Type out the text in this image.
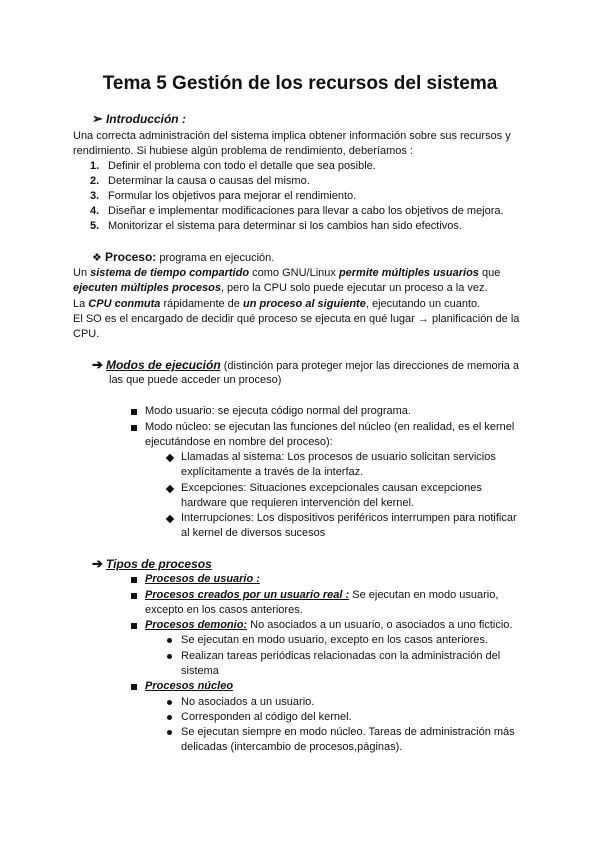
Tema 5 Gestión de los recursos del sistema
➢ Introducción :
Una correcta administración del sistema implica obtener información sobre sus recursos y
rendimiento. Si hubiese algún problema de rendimiento, deberíamos :
1. Definir el problema con todo el detalle que sea posible.
2. Determinar la causa o causas del mismo.
3. Formular los objetivos para mejorar el rendimiento.
4. Diseñar e implementar modificaciones para llevar a cabo los objetivos de mejora.
5. Monitorizar el sistema para determinar si los cambios han sido efectivos.
❖ Proceso: programa en ejecución.
Un sistema de tiempo compartido como GNU/Linux permite múltiples usuarios que
ejecuten múltiples procesos, pero la CPU solo puede ejecutar un proceso a la vez.
La CPU conmuta rápidamente de un proceso al siguiente, ejecutando un cuanto.
El SO es el encargado de decidir qué proceso se ejecuta en qué lugar → planificación de la
CPU.
➔ Modos de ejecución (distinción para proteger mejor las direcciones de memoria a
las que puede acceder un proceso)
Modo usuario: se ejecuta código normal del programa.
Modo núcleo: se ejecutan las funciones del núcleo (en realidad, es el kernel
ejecutándose en nombre del proceso):
Llamadas al sistema: Los procesos de usuario solicitan servicios
explícitamente a través de la interfaz.
Excepciones: Situaciones excepcionales causan excepciones
hardware que requieren intervención del kernel.
Interrupciones: Los dispositivos periféricos interrumpen para notificar
al kernel de diversos sucesos
➔ Tipos de procesos
Procesos de usuario :
Procesos creados por un usuario real : Se ejecutan en modo usuario,
excepto en los casos anteriores.
Procesos demonio: No asociados a un usuario, o asociados a uno ficticio.
Se ejecutan en modo usuario, excepto en los casos anteriores.
Realizan tareas periódicas relacionadas con la administración del
sistema
Procesos núcleo
No asociados a un usuario.
Corresponden al código del kernel.
Se ejecutan siempre en modo núcleo. Tareas de administración más
delicadas (intercambio de procesos,páginas).
